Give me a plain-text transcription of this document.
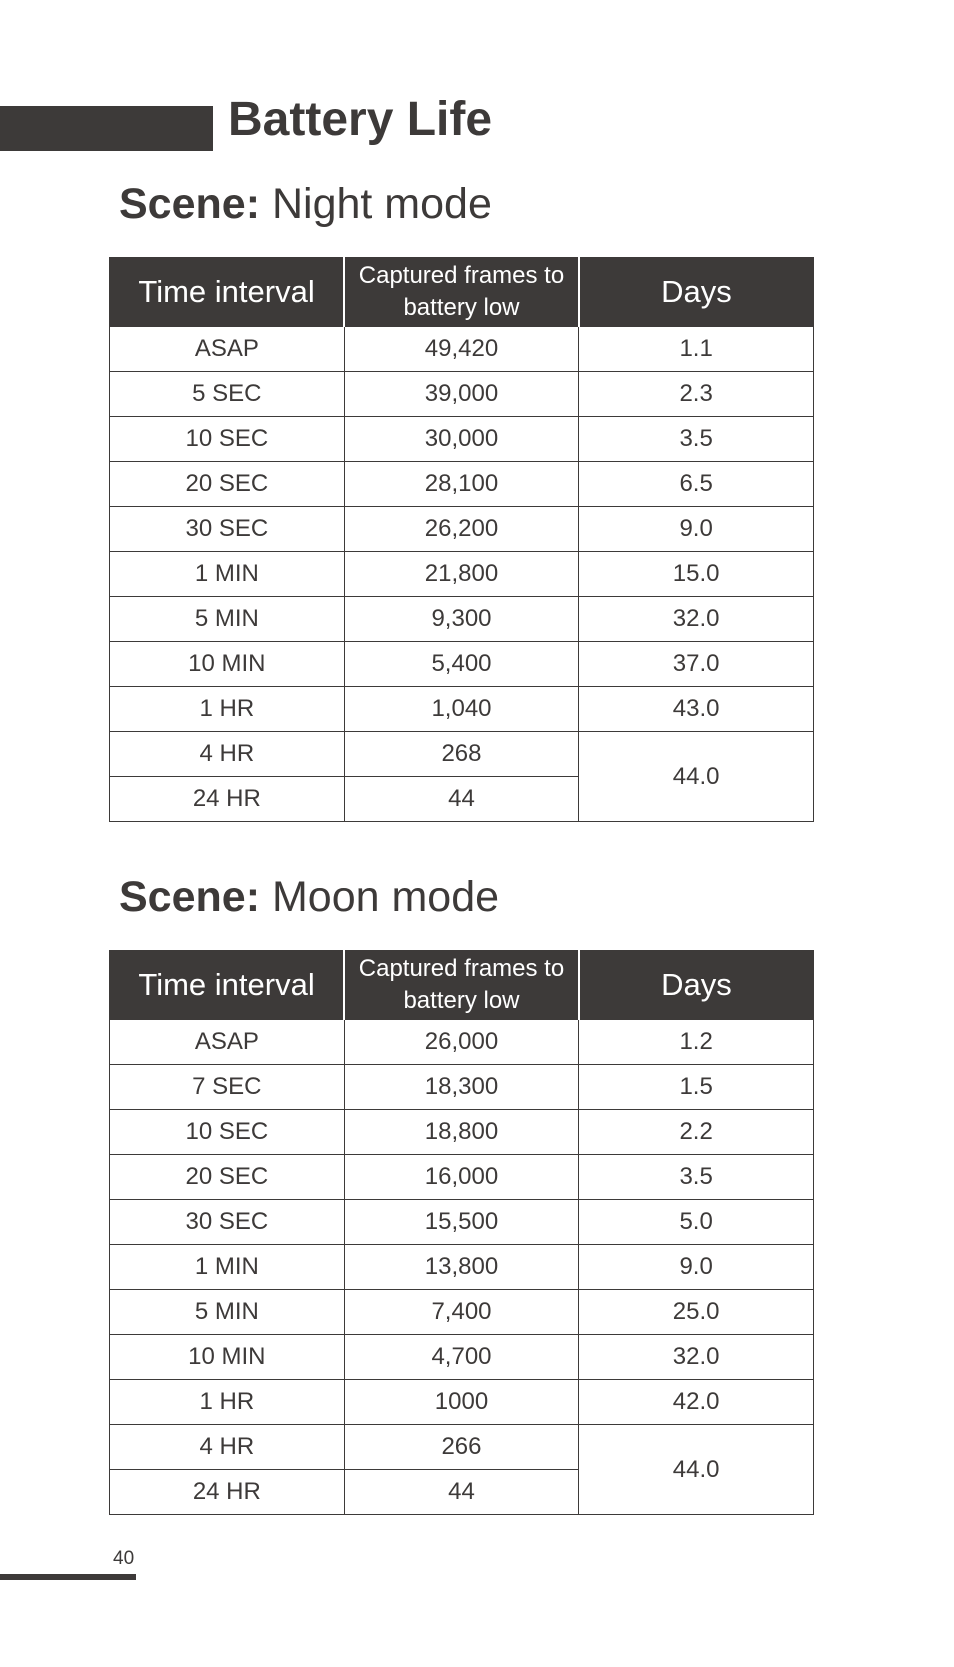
Battery Life
Scene: Night mode
Time interval	Captured frames to battery low	Days
ASAP	49,420	1.1
5 SEC	39,000	2.3
10 SEC	30,000	3.5
20 SEC	28,100	6.5
30 SEC	26,200	9.0
1 MIN	21,800	15.0
5 MIN	9,300	32.0
10 MIN	5,400	37.0
1 HR	1,040	43.0
4 HR	268	44.0
24 HR	44	
Scene: Moon mode
Time interval	Captured frames to battery low	Days
ASAP	26,000	1.2
7 SEC	18,300	1.5
10 SEC	18,800	2.2
20 SEC	16,000	3.5
30 SEC	15,500	5.0
1 MIN	13,800	9.0
5 MIN	7,400	25.0
10 MIN	4,700	32.0
1 HR	1000	42.0
4 HR	266	44.0
24 HR	44	
40
